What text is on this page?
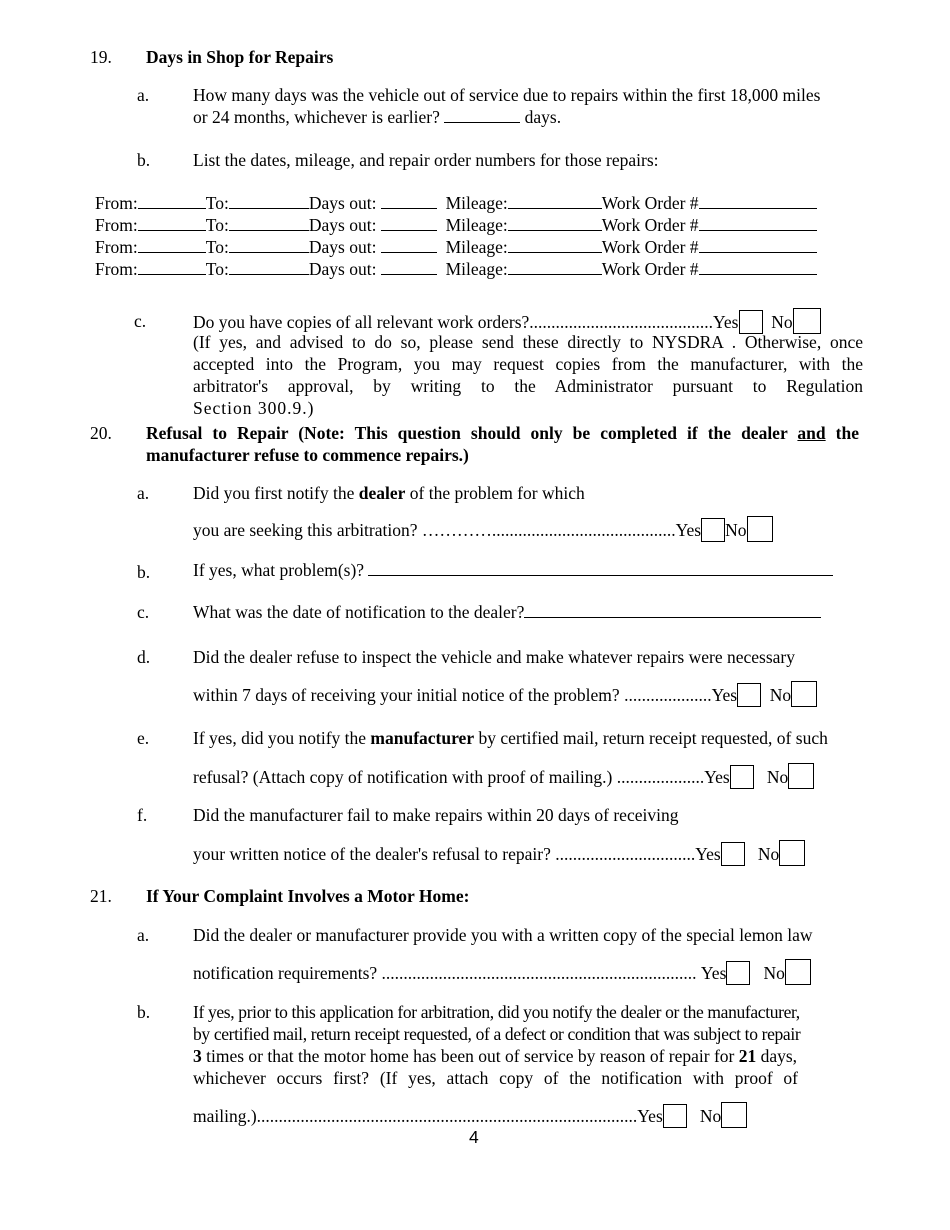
19. Days in Shop for Repairs
a.	How many days was the vehicle out of service due to repairs within the first 18,000 miles
or 24 months, whichever is earlier?	days.
b. List the dates, mileage, and repair order numbers for those repairs:
From:	To:	Days out:	Mileage:	Work Order #
From:	To:	Days out:	Mileage:	Work Order #
From:	To:	Days out:	Mileage:	Work Order #
From:	To:	Days out:	Mileage:	Work Order #
c.	Do you have copies of all relevant work orders?..........................................Yes No
(If yes, and advised to do so, please send these directly to NYSDRA . Otherwise, once
accepted into the Program, you may request copies from the manufacturer, with the
arbitrator's approval, by writing to the Administrator pursuant to Regulation
Section 300.9.)
20. Refusal to Repair (Note: This question should only be completed if the dealer and the
manufacturer refuse to commence repairs.)
a.	Did you first notify the dealer of the problem for which
you are seeking this arbitration? …………..........................................Yes No
b. If yes, what problem(s)?
c.	What was the date of notification to the dealer?
d. Did the dealer refuse to inspect the vehicle and make whatever repairs were necessary
within 7 days of receiving your initial notice of the problem? ....................Yes No
e.	If yes, did you notify the manufacturer by certified mail, return receipt requested, of such
refusal? (Attach copy of notification with proof of mailing.) ....................Yes No
f.	Did the manufacturer fail to make repairs within 20 days of receiving
your written notice of the dealer's refusal to repair? ................................Yes No
21. If Your Complaint Involves a Motor Home:
a.	Did the dealer or manufacturer provide you with a written copy of the special lemon law
notification requirements? ........................................................................ Yes No
b. If yes, prior to this application for arbitration, did you notify the dealer or the manufacturer,
by certified mail, return receipt requested, of a defect or condition that was subject to repair
3 times or that the motor home has been out of service by reason of repair for 21 days,
whichever occurs first? (If yes, attach copy of the notification with proof of
mailing.).......................................................................................Yes No
4
